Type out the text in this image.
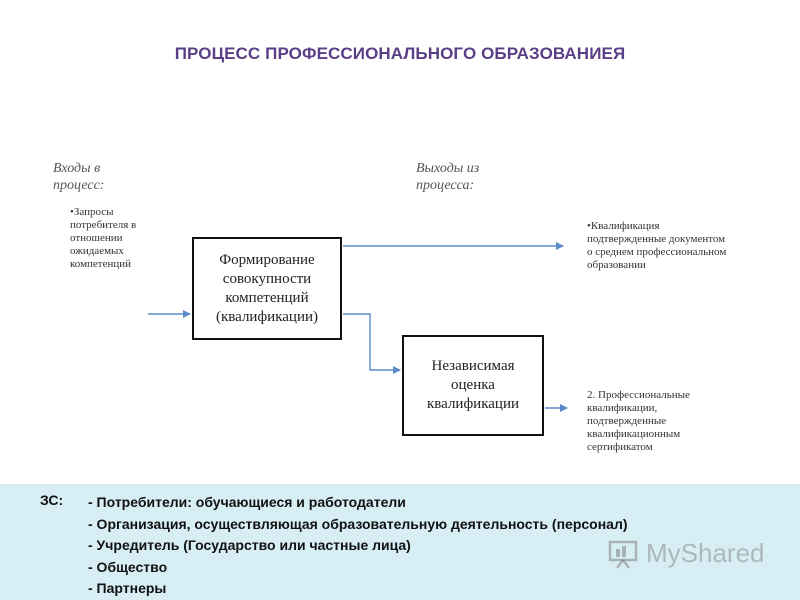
ПРОЦЕСС ПРОФЕССИОНАЛЬНОГО ОБРАЗОВАНИЕЯ
Входы в процесс:
•Запросы потребителя в отношении ожидаемых компетенций
Выходы из процесса:
•Квалификация подтвержденные документом о среднем профессиональном образовании
2. Профессиональные квалификации, подтвержденные квалификационным сертификатом
Формирование совокупности компетенций (квалификации)
Независимая оценка квалификации
ЗС: - Потребители: обучающиеся и работодатели
- Организация, осуществляющая образовательную деятельность (персонал)
- Учредитель (Государство или частные лица)
- Общество
- Партнеры
MyShared
